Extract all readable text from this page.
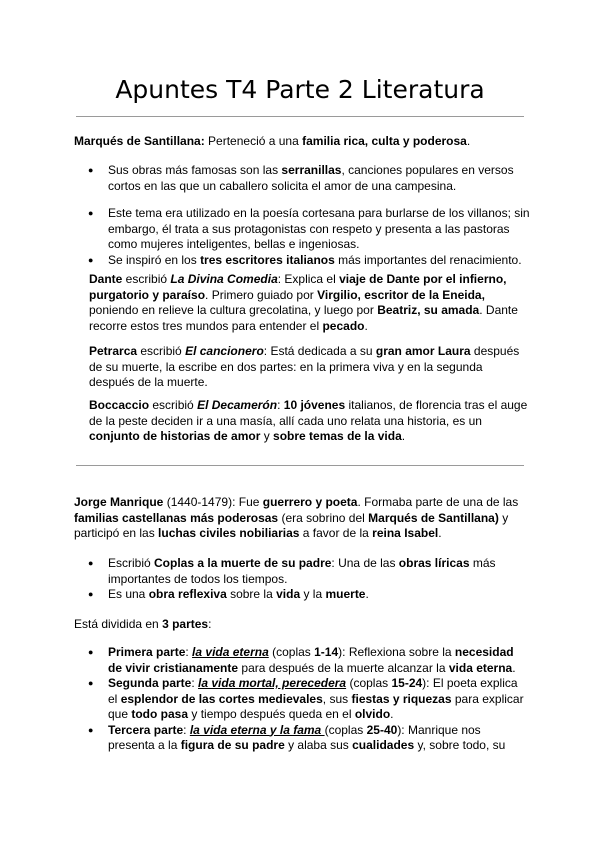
Apuntes T4 Parte 2 Literatura

Marqués de Santillana: Perteneció a una familia rica, culta y poderosa.

● Sus obras más famosas son las serranillas, canciones populares en versos cortos en las que un caballero solicita el amor de una campesina.
● Este tema era utilizado en la poesía cortesana para burlarse de los villanos; sin embargo, él trata a sus protagonistas con respeto y presenta a las pastoras como mujeres inteligentes, bellas e ingeniosas.
● Se inspiró en los tres escritores italianos más importantes del renacimiento.

Dante escribió La Divina Comedia: Explica el viaje de Dante por el infierno, purgatorio y paraíso. Primero guiado por Virgilio, escritor de la Eneida, poniendo en relieve la cultura grecolatina, y luego por Beatriz, su amada. Dante recorre estos tres mundos para entender el pecado.

Petrarca escribió El cancionero: Está dedicada a su gran amor Laura después de su muerte, la escribe en dos partes: en la primera viva y en la segunda después de la muerte.

Boccaccio escribió El Decamerón: 10 jóvenes italianos, de florencia tras el auge de la peste deciden ir a una masía, allí cada uno relata una historia, es un conjunto de historias de amor y sobre temas de la vida.

Jorge Manrique (1440-1479): Fue guerrero y poeta. Formaba parte de una de las familias castellanas más poderosas (era sobrino del Marqués de Santillana) y participó en las luchas civiles nobiliarias a favor de la reina Isabel.

● Escribió Coplas a la muerte de su padre: Una de las obras líricas más importantes de todos los tiempos.
● Es una obra reflexiva sobre la vida y la muerte.

Está dividida en 3 partes:

● Primera parte: la vida eterna (coplas 1-14): Reflexiona sobre la necesidad de vivir cristianamente para después de la muerte alcanzar la vida eterna.
● Segunda parte: la vida mortal, perecedera (coplas 15-24): El poeta explica el esplendor de las cortes medievales, sus fiestas y riquezas para explicar que todo pasa y tiempo después queda en el olvido.
● Tercera parte: la vida eterna y la fama (coplas 25-40): Manrique nos presenta a la figura de su padre y alaba sus cualidades y, sobre todo, su
